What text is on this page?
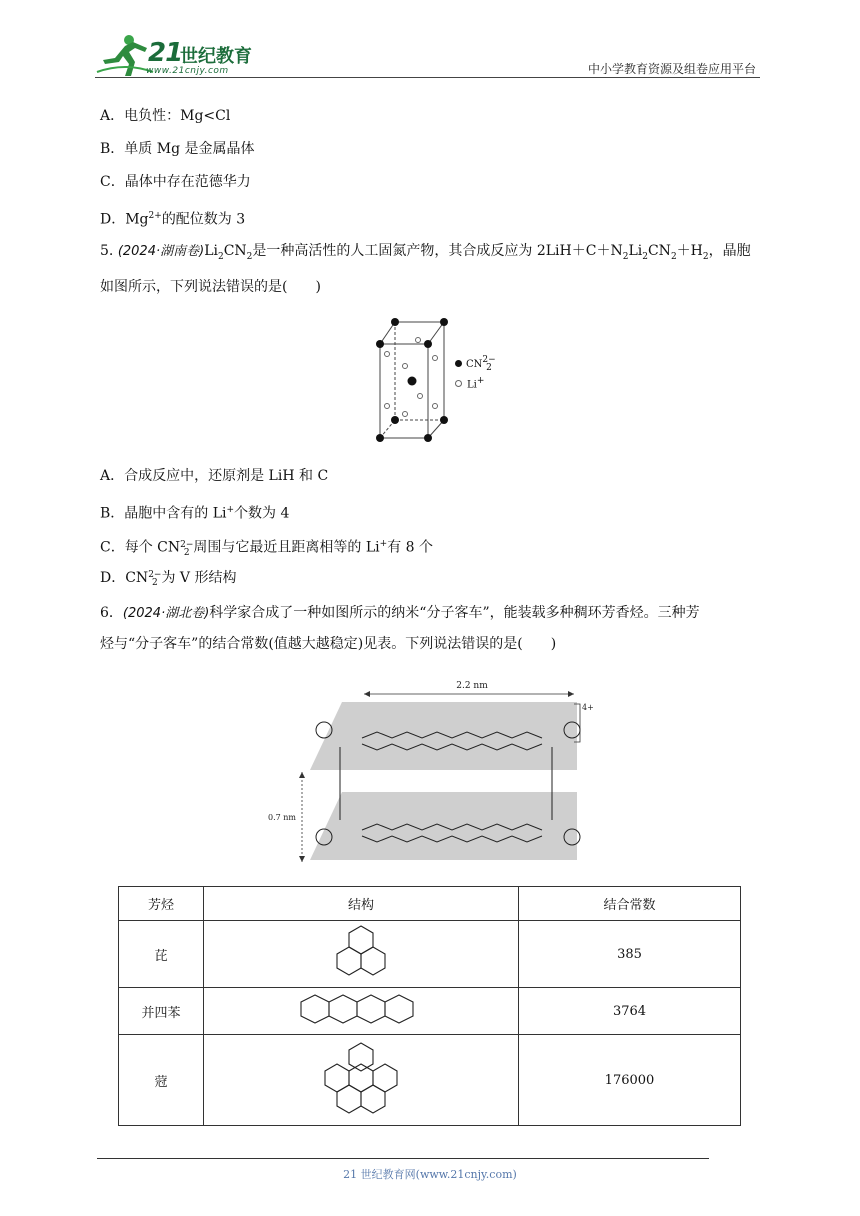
21
世纪教育
www.21cnjy.com	中小学教育资源及组卷应用平台
A．电负性：Mg<Cl
B．单质 Mg 是金属晶体
C．晶体中存在范德华力
D．$Mg^{2+}$的配位数为 3
5. (2024·湖南卷)$Li_2CN_2$是一种高活性的人工固氮产物，其合成反应为 $2LiH+C+N_2Li_2CN_2+H_2$，晶胞
如图所示，下列说法错误的是(　　)
CN2−
2
Li+
A．合成反应中，还原剂是 LiH 和 C
B．晶胞中含有的 Li+个数为 4
C．每个 CN2−
2 周围与它最近且距离相等的 Li+有 8 个
D．CN2−
2 为 V 形结构
6．(2024·湖北卷)科学家合成了一种如图所示的纳米“分子客车”，能装载多种稠环芳香烃。三种芳
烃与“分子客车”的结合常数(值越大越稳定)见表。下列说法错误的是(　　)
2.2 nm
0.7 nm
4+
芳烃	结构	结合常数
芘		385
并四苯		3764
蒄		176000
21 世纪教育网(www.21cnjy.com)
